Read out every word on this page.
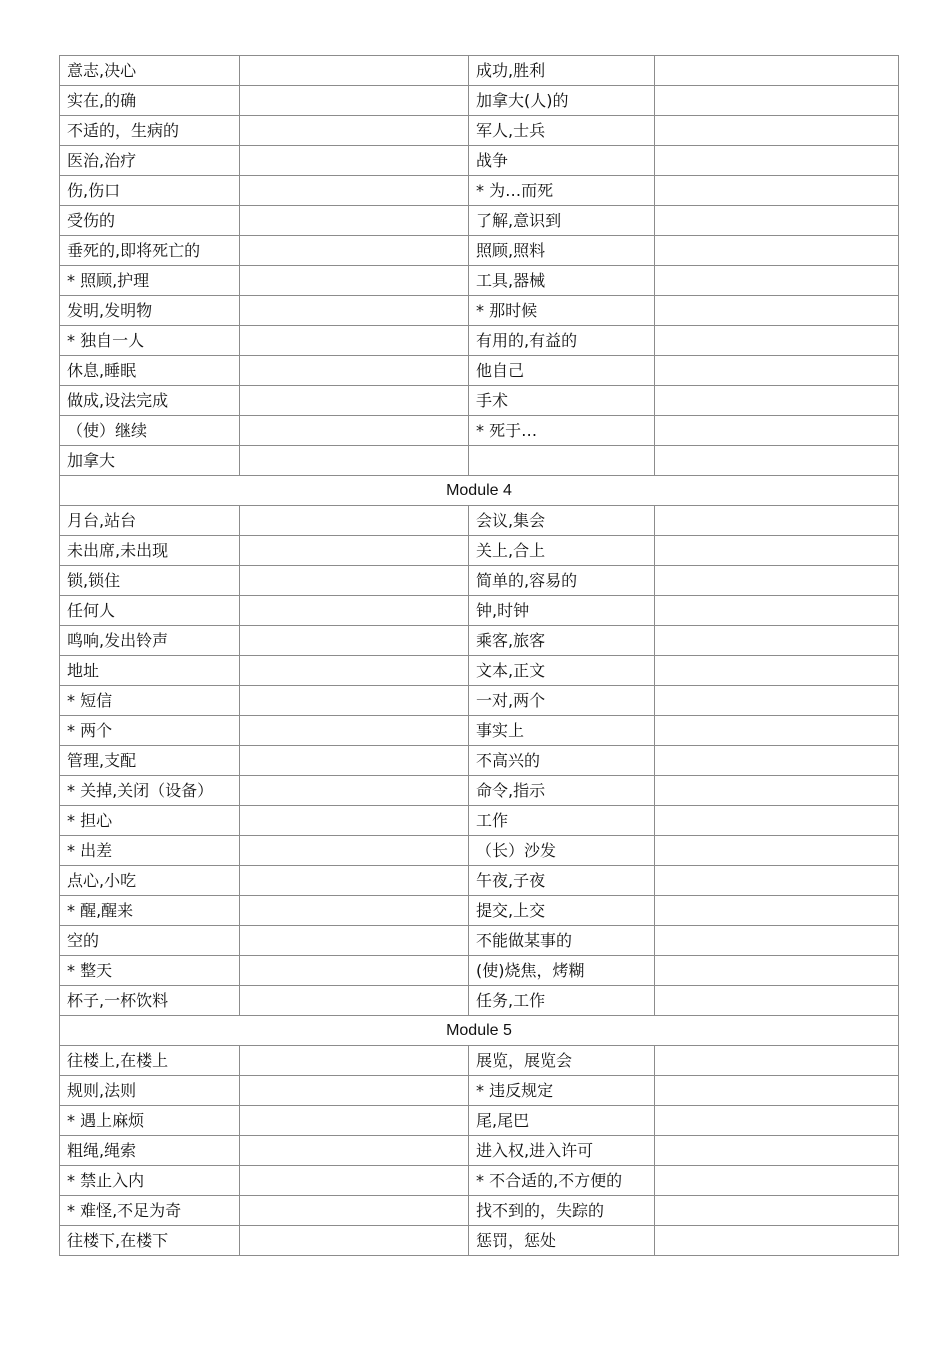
意志,决心		成功,胜利	
实在,的确		加拿大(人)的	
不适的，生病的		军人,士兵	
医治,治疗		战争	
伤,伤口		* 为…而死	
受伤的		了解,意识到	
垂死的,即将死亡的		照顾,照料	
* 照顾,护理		工具,器械	
发明,发明物		* 那时候	
* 独自一人		有用的,有益的	
休息,睡眠		他自己	
做成,设法完成		手术	
（使）继续		* 死于…	
加拿大			
Module 4			
月台,站台		会议,集会	
未出席,未出现		关上,合上	
锁,锁住		简单的,容易的	
任何人		钟,时钟	
鸣响,发出铃声		乘客,旅客	
地址		文本,正文	
* 短信		一对,两个	
* 两个		事实上	
管理,支配		不高兴的	
* 关掉,关闭（设备）		命令,指示	
* 担心		工作	
* 出差		（长）沙发	
点心,小吃		午夜,子夜	
* 醒,醒来		提交,上交	
空的		不能做某事的	
* 整天		(使)烧焦，烤糊	
杯子,一杯饮料		任务,工作	
Module 5			
往楼上,在楼上		展览，展览会	
规则,法则		* 违反规定	
* 遇上麻烦		尾,尾巴	
粗绳,绳索		进入权,进入许可	
* 禁止入内		* 不合适的,不方便的	
* 难怪,不足为奇		找不到的，失踪的	
往楼下,在楼下		惩罚，惩处	
